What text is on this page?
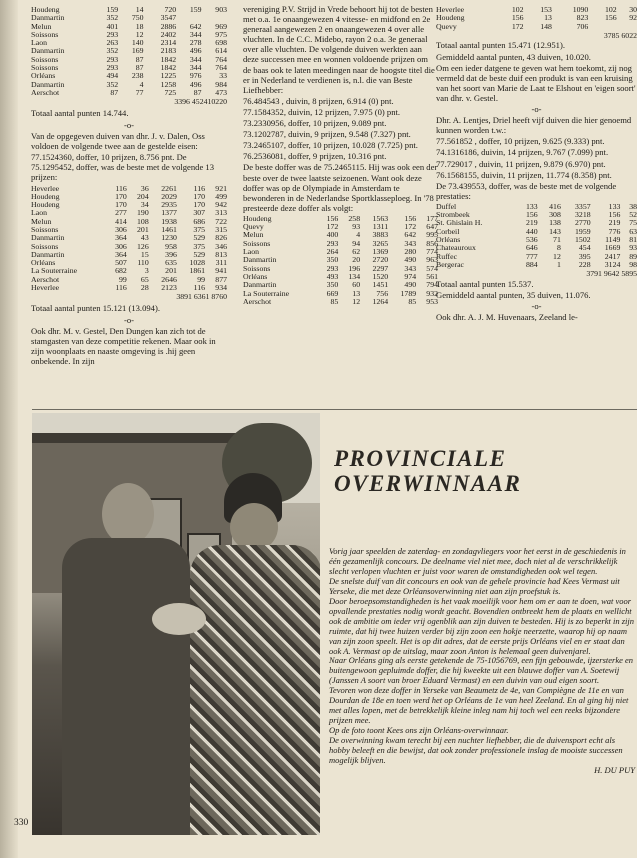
Houdeng	159	14	720	159	903
Danmartin	352	750	3547		
Melun	401	18	2886	642	969
Soissons	293	12	2402	344	975
Laon	263	140	2314	278	698
Danmartin	352	169	2183	496	614
Soissons	293	87	1842	344	764
Soissons	293	87	1842	344	764
Orléans	494	238	1225	976	33
Danmartin	352	4	1258	496	984
Aerschot	87	77	725	87	473
3396 452410220
Totaal aantal punten 14.744.
-o-
Van de opgegeven duiven van dhr. J. v. Dalen, Oss voldoen de volgende twee aan de gestelde eisen:
77.1524360, doffer, 10 prijzen, 8.756 pnt. De 75.1295452, doffer, was de beste met de volgende 13 prijzen:
Heverlee	116	36	2261	116	921
Houdeng	170	204	2029	170	499
Houdeng	170	34	2935	170	942
Laon	277	190	1377	307	313
Melun	414	108	1938	686	722
Soissons	306	201	1461	375	315
Danmartin	364	43	1230	529	826
Soissons	306	126	958	375	346
Danmartin	364	15	396	529	813
Orléans	507	110	635	1028	311
La Souterraine	682	3	201	1861	941
Aerschot	99	65	2646	99	877
Heverlee	116	28	2123	116	934
3891 6361 8760
Totaal aantal punten 15.121 (13.094).
-o-
Ook dhr. M. v. Gestel, Den Dungen kan zich tot de stamgasten van deze competitie rekenen. Maar ook in zijn woonplaats en naaste omgeving is .hij geen onbekende. In zijn
vereniging P.V. Strijd in Vrede behoort hij tot de besten met o.a. 1e onaangewezen 4 vitesse- en midfond en 2e generaal aangewezen 2 en onaangewezen 4 over alle vluchten. In de C.C. Midebo, rayon 2 o.a. 3e generaal over alle vluchten. De volgende duiven werkten aan deze successen mee en wonnen voldoende prijzen om de baas ook te laten meedingen naar de hoogste titel die er in Nederland te verdienen is, n.l. die van Beste Liefhebber:
76.484543 , duivin, 8 prijzen, 6.914 (0) pnt.
77.1584352, duivin, 12 prijzen, 7.975 (0) pnt.
73.2330956, doffer, 10 prijzen, 9.089 pnt.
73.1202787, duivin, 9 prijzen, 9.548 (7.327) pnt.
73.2465107, doffer, 10 prijzen, 10.028 (7.725) pnt.
76.2536081, doffer, 9 prijzen, 10.316 pnt.
De beste doffer was de 75.2465115. Hij was ook een der beste over de twee laatste seizoenen. Want ook deze doffer was op de Olympiade in Amsterdam te bewonderen in de Nederlandse Sportklasseploeg. In '78 presteerde deze doffer als volgt:
Houdeng	156	258	1563	156	177
Quevy	172	93	1311	172	647
Melun	400	4	3883	642	995
Soissons	293	94	3265	343	856
Laon	264	62	1369	280	774
Danmartin	350	20	2720	490	963
Soissons	293	196	2297	343	574
Orléans	493	134	1520	974	561
Danmartin	350	60	1451	490	794
La Souterraine	669	13	756	1789	932
Aerschot	85	12	1264	85	953
Heverlee	102	153	1090	102	30
Houdeng	156	13	823	156	92
Quevy	172	148	706		
3785 6022
Totaal aantal punten 15.471 (12.951).
Gemiddeld aantal punten, 43 duiven, 10.020.
Om een ieder datgene te geven wat hem toekomt, zij nog vermeld dat de beste duif een produkt is van een kruising van het soort van Marie de Laat te Elshout en 'eigen soort' van dhr. v. Gestel.
-o-
Dhr. A. Lentjes, Driel heeft vijf duiven die hier genoemd kunnen worden t.w.:
77.561852 , doffer, 10 prijzen, 9.625 (9.333) pnt.
74.1316186, duivin, 14 prijzen, 9.767 (7.099) pnt.
77.729017 , duivin, 11 prijzen, 9.879 (6.970) pnt.
76.1568155, duivin, 11 prijzen, 11.774 (8.358) pnt.
De 73.439553, doffer, was de beste met de volgende prestaties:
Duffel	133	416	3357	133	38
Strombeek	156	308	3218	156	52
St. Ghislain H.	219	138	2770	219	75
Corbeil	440	143	1959	776	63
Orléans	536	71	1502	1149	81
Chateauroux	646	8	454	1669	93
Ruffec	777	12	395	2417	89
Bergerac	884	1	228	3124	98
3791 9642 5895
Totaal aantal punten 15.537.
Gemiddeld aantal punten, 35 duiven, 11.076.
-o-
Ook dhr. A. J. M. Huvenaars, Zeeland le-
PROVINCIALE
OVERWINNAAR

Vorig jaar speelden de zaterdag- en zondagvliegers voor het eerst in de geschiedenis in één gezamenlijk concours. De deelname viel niet mee, doch niet al de verschrikkelijk slecht verlopen vluchten er juist voor waren de omstandigheden ook wel tegen.

De snelste duif van dit concours en ook van de gehele provincie had Kees Vermast uit Yerseke, die met deze Orléansoverwinning niet aan zijn proefstuk is.

Door beroepsomstandigheden is het vaak moeilijk voor hem om er aan te doen, wat voor opvallende prestaties nodig wordt geacht. Bovendien ontbreekt hem de plaats en wellicht ook de ambitie om ieder vrij ogenblik aan zijn duiven te besteden. Hij is zo beperkt in zijn ruimte, dat hij twee huizen verder bij zijn zoon een hokje neerzette, waarop hij op naam van zijn zoon speelt. Het is op dit adres, dat de eerste prijs Orléans viel en er staat dan ook A. Vermast op de uitslag, maar zoon Anton is helemaal geen duivenjarel.

Naar Orléans ging als eerste getekende de 75-1056769, een fijn gebouwde, ijzersterke en buitengewoon gepluimde doffer, die hij kweekte uit een blauwe doffer van A. Soetewij (Janssen A soort van broer Eduard Vermast) en een duivin van oud eigen soort.

Tevoren won deze doffer in Yerseke van Beaumetz de 4e, van Compiègne de 11e en van Dourdan de 18e en toen werd het op Orléans de 1e van heel Zeeland. En al ging hij niet met alles lopen, met de betrekkelijk kleine inleg nam hij toch wel een reeks bijzondere prijzen mee.

Op de foto toont Kees ons zijn Orléans-overwinnaar.

De overwinning kwam terecht bij een nuchter liefhebber, die de duivensport echt als hobby beleeft en die bewijst, dat ook zonder professionele inslag de mooiste successen mogelijk blijven.

H. DU PUY
330
